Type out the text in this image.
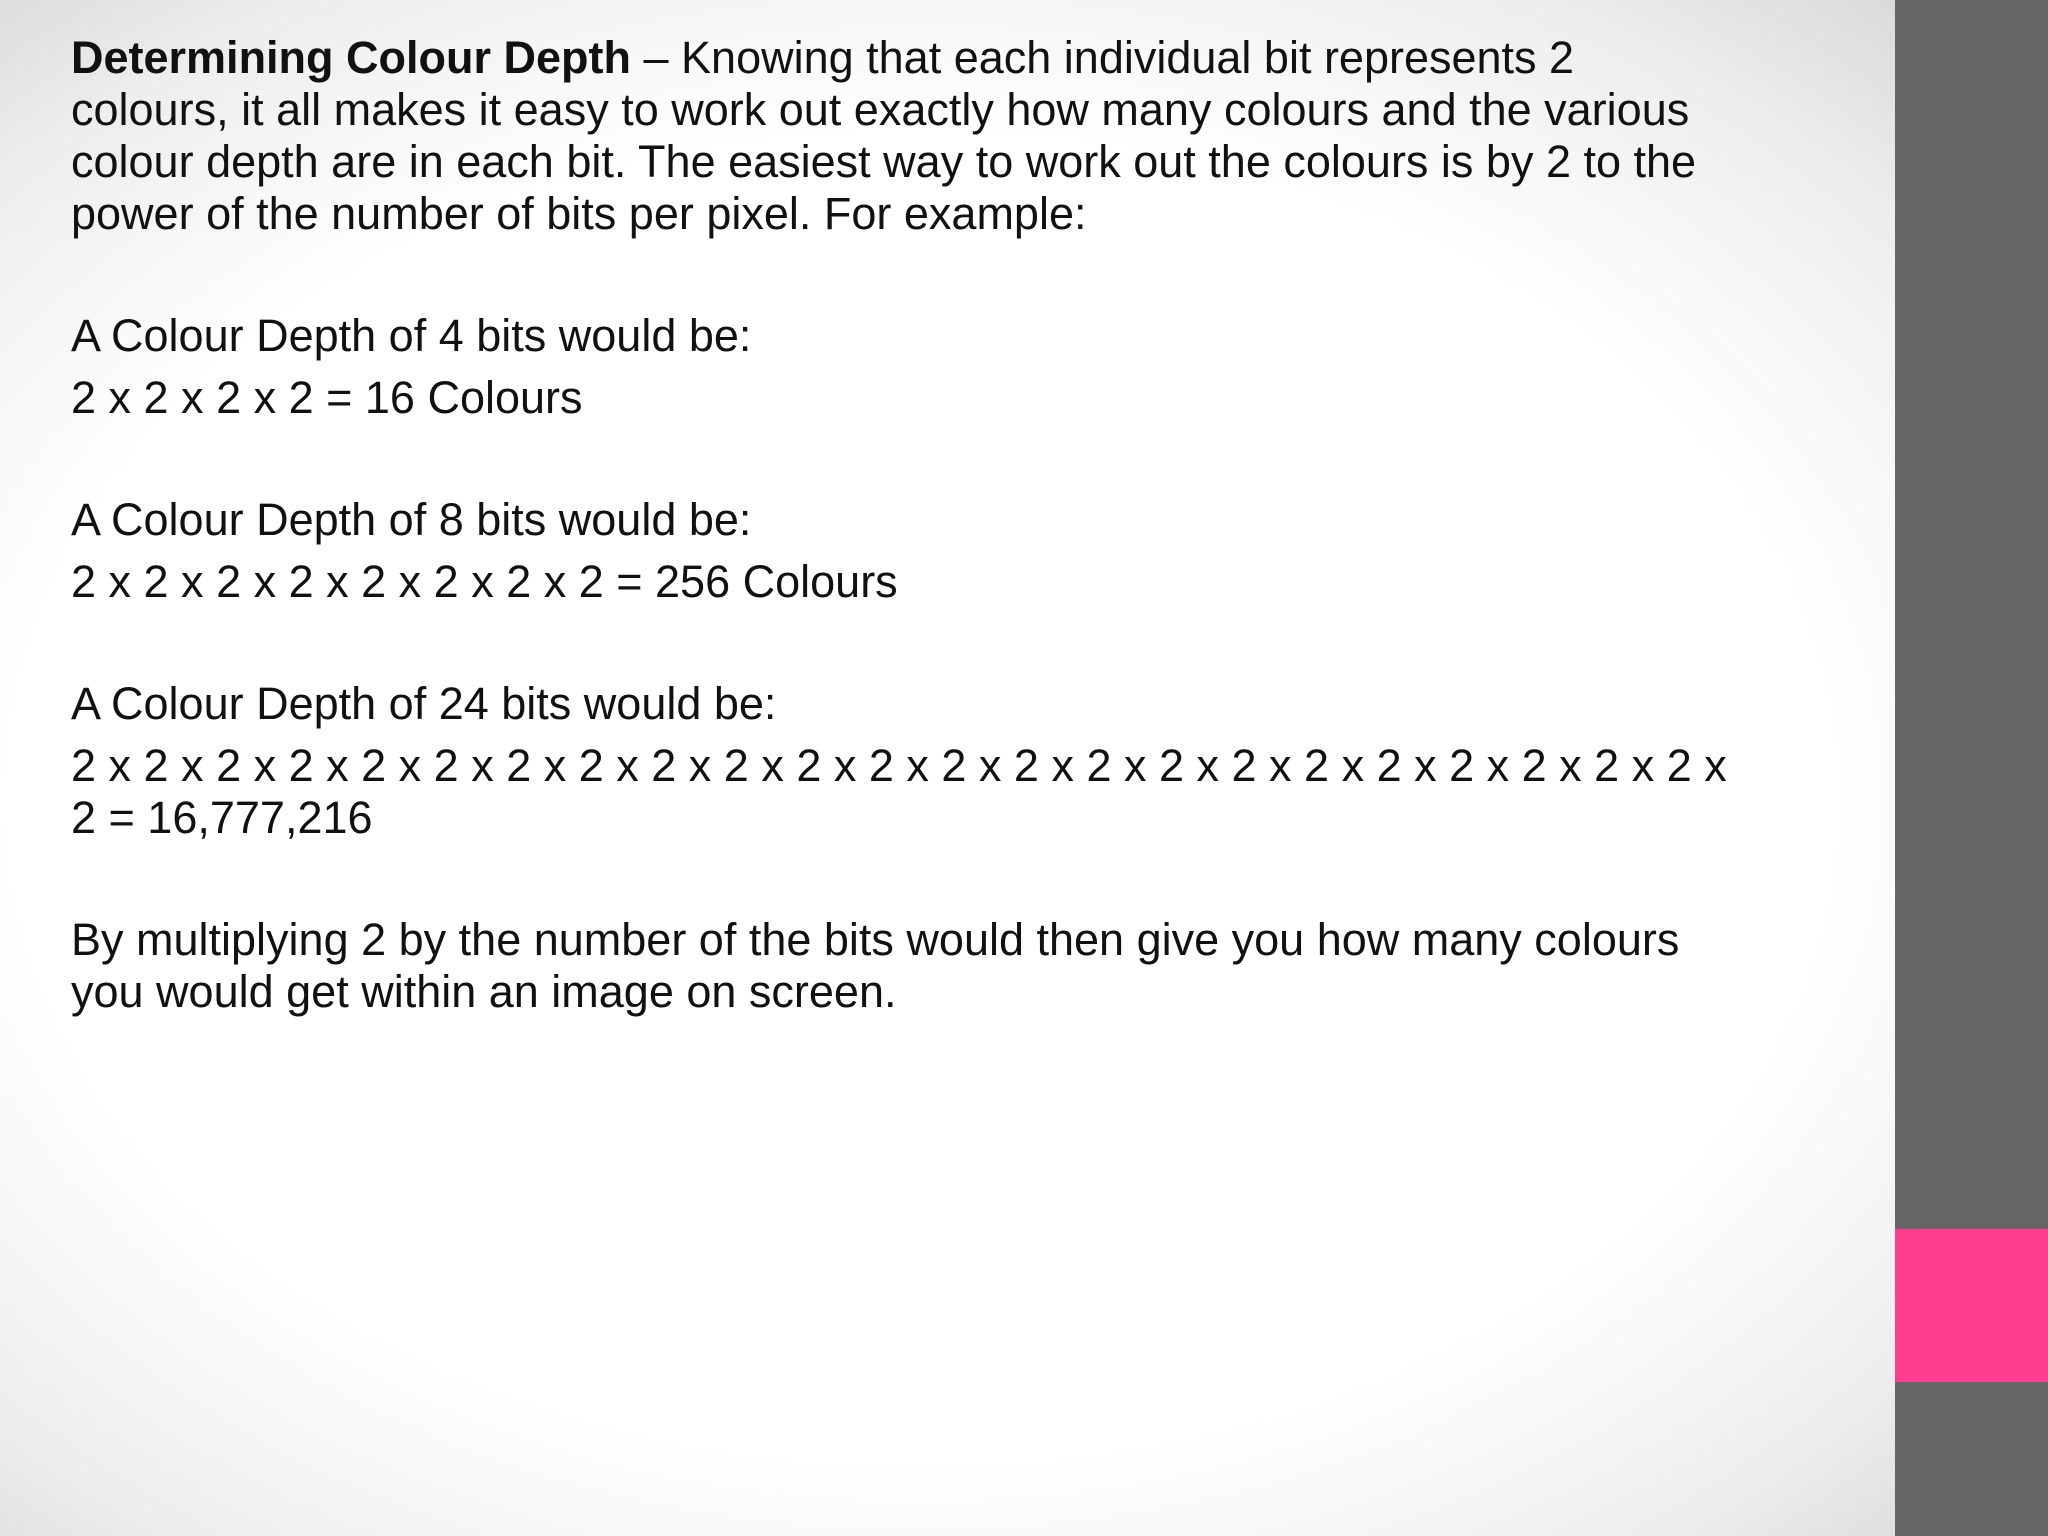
Determining Colour Depth – Knowing that each individual bit represents 2 colours, it all makes it easy to work out exactly how many colours and the various colour depth are in each bit. The easiest way to work out the colours is by 2 to the power of the number of bits per pixel. For example:

A Colour Depth of 4 bits would be:

2 x 2 x 2 x 2 = 16 Colours

A Colour Depth of 8 bits would be:

2 x 2 x 2 x 2 x 2 x 2 x 2 x 2 = 256 Colours

A Colour Depth of 24 bits would be:

2 x 2 x 2 x 2 x 2 x 2 x 2 x 2 x 2 x 2 x 2 x 2 x 2 x 2 x 2 x 2 x 2 x 2 x 2 x 2 x 2 x 2 x 2 x 2 = 16,777,216

By multiplying 2 by the number of the bits would then give you how many colours you would get within an image on screen.
